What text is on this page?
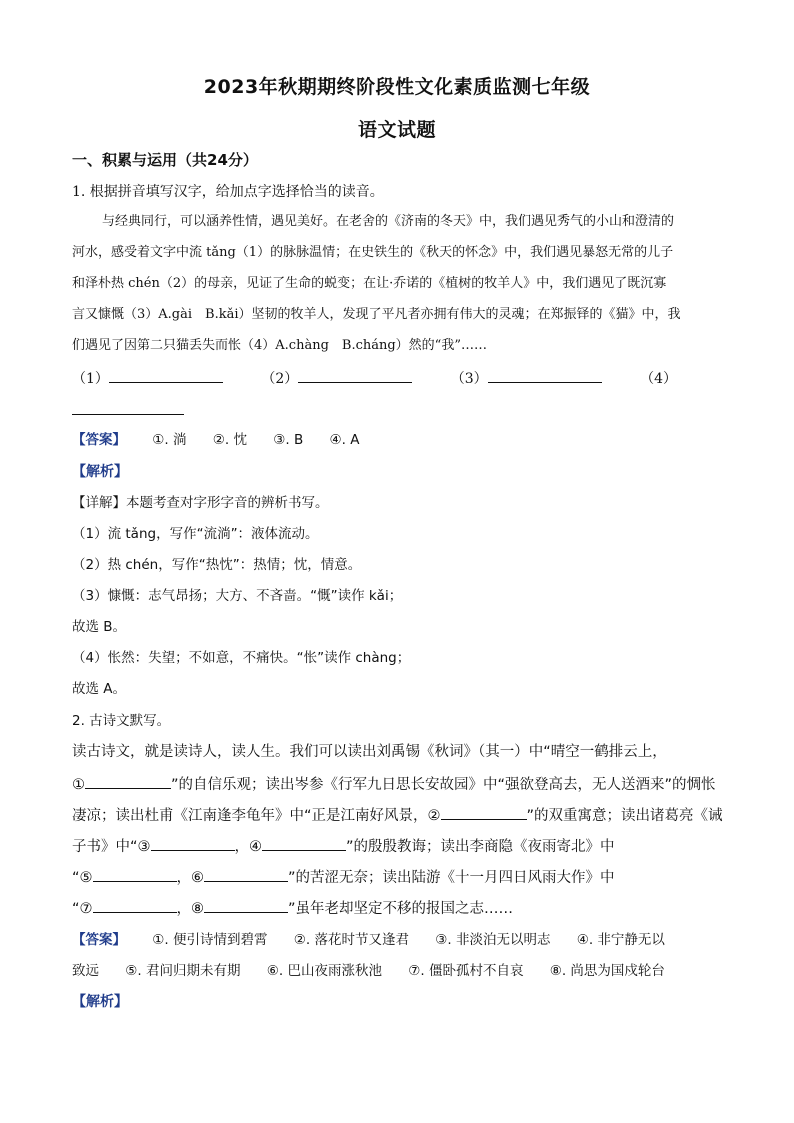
2023年秋期期终阶段性文化素质监测七年级
语文试题
一、积累与运用（共24分）
1. 根据拼音填写汉字，给加点字选择恰当的读音。
与经典同行，可以涵养性情，遇见美好。在老舍的《济南的冬天》中，我们遇见秀气的小山和澄清的
河水，感受着文字中流 tǎng（1）的脉脉温情；在史铁生的《秋天的怀念》中，我们遇见暴怒无常的儿子
和泽朴热 chén（2）的母亲，见证了生命的蜕变；在让·乔诺的《植树的牧羊人》中，我们遇见了既沉寡
言又慷慨（3）A.gài　B.kǎi）坚韧的牧羊人，发现了平凡者亦拥有伟大的灵魂；在郑振铎的《猫》中，我
们遇见了因第二只猫丢失而怅（4）A.chàng　B.cháng）然的“我”……
（1）	（2）	（3）	（4）
【答案】 ①. 淌 ②. 忱 ③. B ④. A
【解析】
【详解】本题考查对字形字音的辨析书写。
（1）流 tǎng，写作“流淌”：液体流动。
（2）热 chén，写作“热忱”：热情；忱，情意。
（3）慷慨：志气昂扬；大方、不吝啬。“慨”读作 kǎi；
故选 B。
（4）怅然：失望；不如意，不痛快。“怅”读作 chàng；
故选 A。
2. 古诗文默写。
读古诗文，就是读诗人，读人生。我们可以读出刘禹锡《秋词》（其一）中“晴空一鹤排云上，
①	”的自信乐观；读出岑参《行军九日思长安故园》中“强欲登高去，无人送酒来”的惆怅
凄凉；读出杜甫《江南逢李龟年》中“正是江南好风景，②	”的双重寓意；读出诸葛亮《诫
子书》中“③	，④	”的殷殷教诲；读出李商隐《夜雨寄北》中
“⑤	，⑥	”的苦涩无奈；读出陆游《十一月四日风雨大作》中
“⑦	，⑧	”虽年老却坚定不移的报国之志……
【答案】 ①. 便引诗情到碧霄 ②. 落花时节又逢君 ③. 非淡泊无以明志 ④. 非宁静无以
致远 ⑤. 君问归期未有期 ⑥. 巴山夜雨涨秋池 ⑦. 僵卧孤村不自哀 ⑧. 尚思为国戍轮台
【解析】
